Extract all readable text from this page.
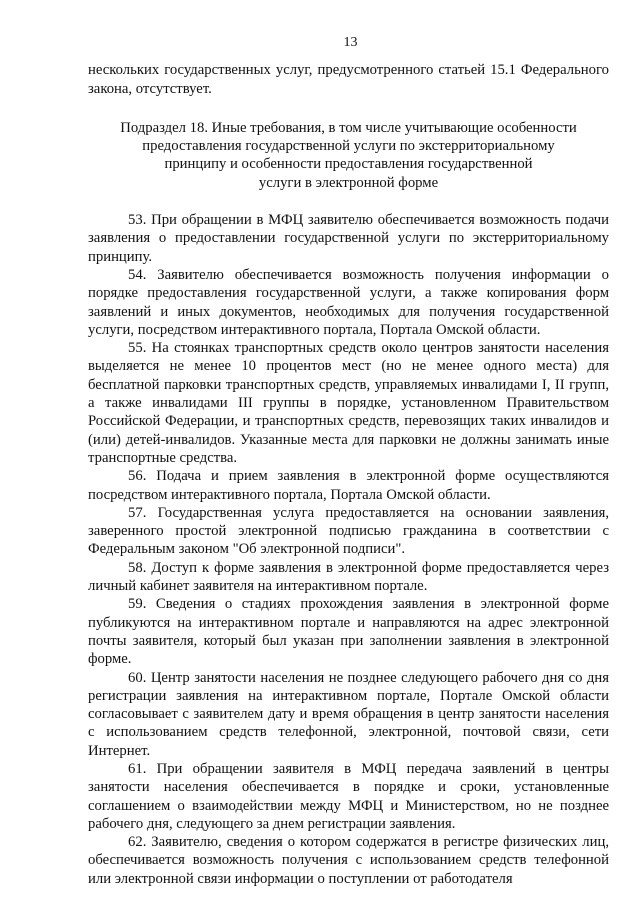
13

нескольких государственных услуг, предусмотренного статьей 15.1 Федерального закона, отсутствует.

Подраздел 18. Иные требования, в том числе учитывающие особенности
предоставления государственной услуги по экстерриториальному
принципу и особенности предоставления государственной
услуги в электронной форме

53. При обращении в МФЦ заявителю обеспечивается возможность подачи заявления о предоставлении государственной услуги по экстерриториальному принципу.

54. Заявителю обеспечивается возможность получения информации о порядке предоставления государственной услуги, а также копирования форм заявлений и иных документов, необходимых для получения государственной услуги, посредством интерактивного портала, Портала Омской области.

55. На стоянках транспортных средств около центров занятости населения выделяется не менее 10 процентов мест (но не менее одного места) для бесплатной парковки транспортных средств, управляемых инвалидами I, II групп, а также инвалидами III группы в порядке, установленном Правительством Российской Федерации, и транспортных средств, перевозящих таких инвалидов и (или) детей-инвалидов. Указанные места для парковки не должны занимать иные транспортные средства.

56. Подача и прием заявления в электронной форме осуществляются посредством интерактивного портала, Портала Омской области.

57. Государственная услуга предоставляется на основании заявления, заверенного простой электронной подписью гражданина в соответствии с Федеральным законом "Об электронной подписи".

58. Доступ к форме заявления в электронной форме предоставляется через личный кабинет заявителя на интерактивном портале.

59. Сведения о стадиях прохождения заявления в электронной форме публикуются на интерактивном портале и направляются на адрес электронной почты заявителя, который был указан при заполнении заявления в электронной форме.

60. Центр занятости населения не позднее следующего рабочего дня со дня регистрации заявления на интерактивном портале, Портале Омской области согласовывает с заявителем дату и время обращения в центр занятости населения с использованием средств телефонной, электронной, почтовой связи, сети Интернет.

61. При обращении заявителя в МФЦ передача заявлений в центры занятости населения обеспечивается в порядке и сроки, установленные соглашением о взаимодействии между МФЦ и Министерством, но не позднее рабочего дня, следующего за днем регистрации заявления.

62. Заявителю, сведения о котором содержатся в регистре физических лиц, обеспечивается возможность получения с использованием средств телефонной или электронной связи информации о поступлении от работодателя
